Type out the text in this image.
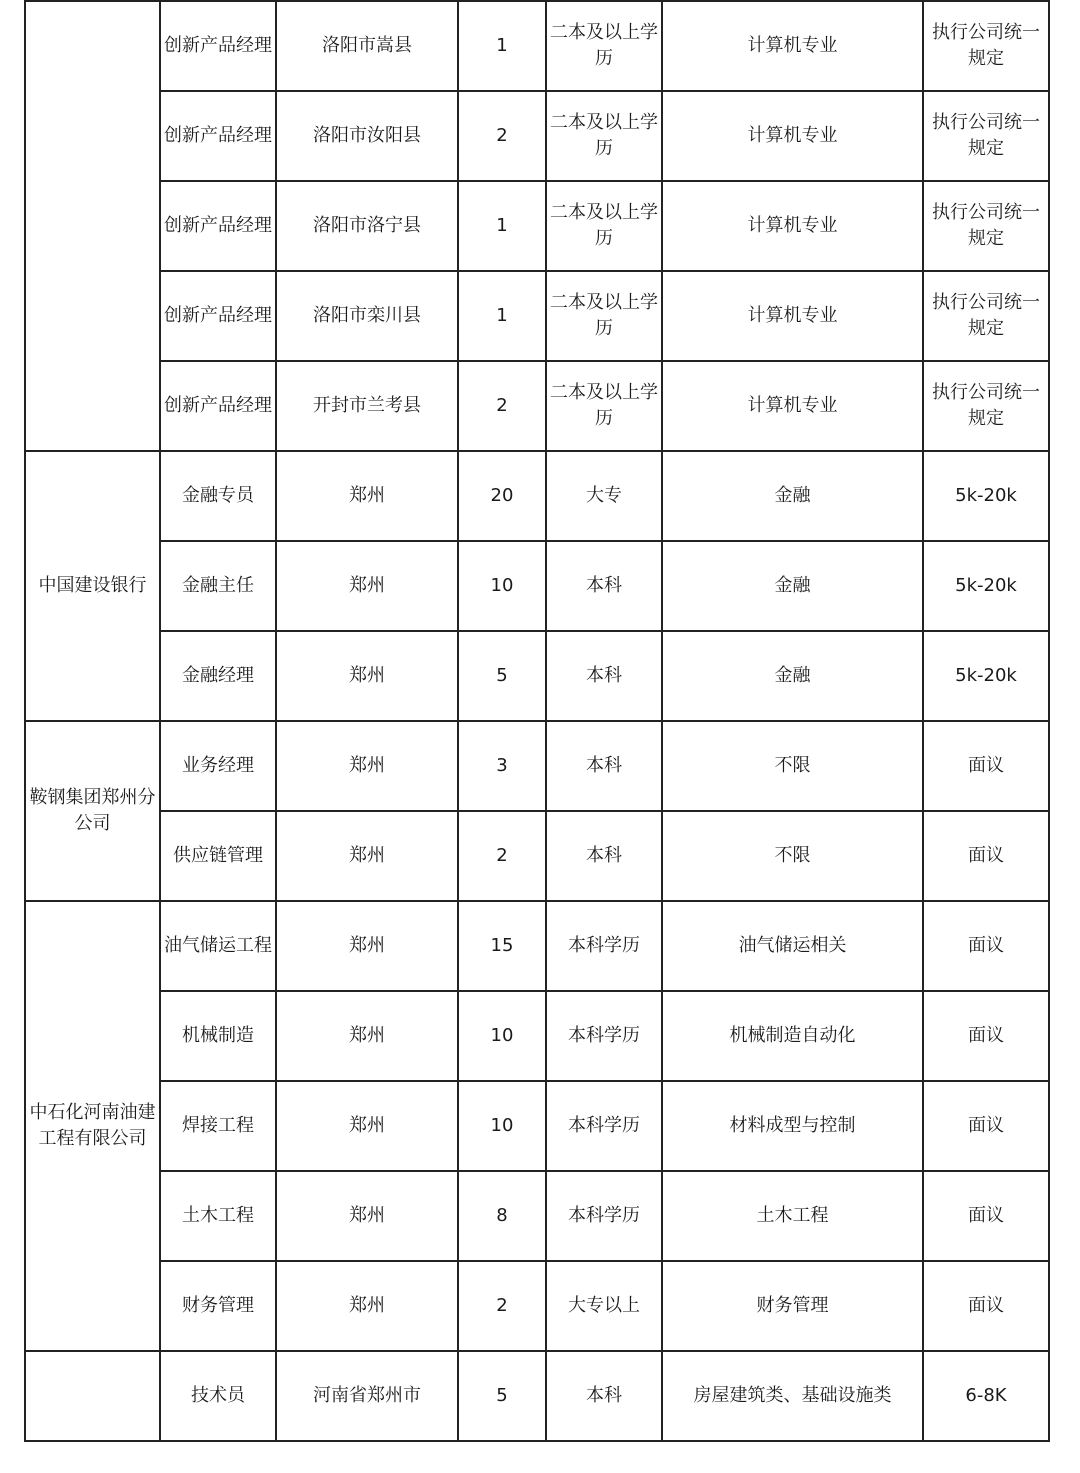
	创新产品经理	洛阳市嵩县	1	二本及以上学历	计算机专业	执行公司统一规定
	创新产品经理	洛阳市汝阳县	2	二本及以上学历	计算机专业	执行公司统一规定
	创新产品经理	洛阳市洛宁县	1	二本及以上学历	计算机专业	执行公司统一规定
	创新产品经理	洛阳市栾川县	1	二本及以上学历	计算机专业	执行公司统一规定
	创新产品经理	开封市兰考县	2	二本及以上学历	计算机专业	执行公司统一规定
中国建设银行	金融专员	郑州	20	大专	金融	5k-20k
	金融主任	郑州	10	本科	金融	5k-20k
	金融经理	郑州	5	本科	金融	5k-20k
鞍钢集团郑州分公司	业务经理	郑州	3	本科	不限	面议
	供应链管理	郑州	2	本科	不限	面议
中石化河南油建工程有限公司	油气储运工程	郑州	15	本科学历	油气储运相关	面议
	机械制造	郑州	10	本科学历	机械制造自动化	面议
	焊接工程	郑州	10	本科学历	材料成型与控制	面议
	土木工程	郑州	8	本科学历	土木工程	面议
	财务管理	郑州	2	大专以上	财务管理	面议
	技术员	河南省郑州市	5	本科	房屋建筑类、基础设施类	6-8K
